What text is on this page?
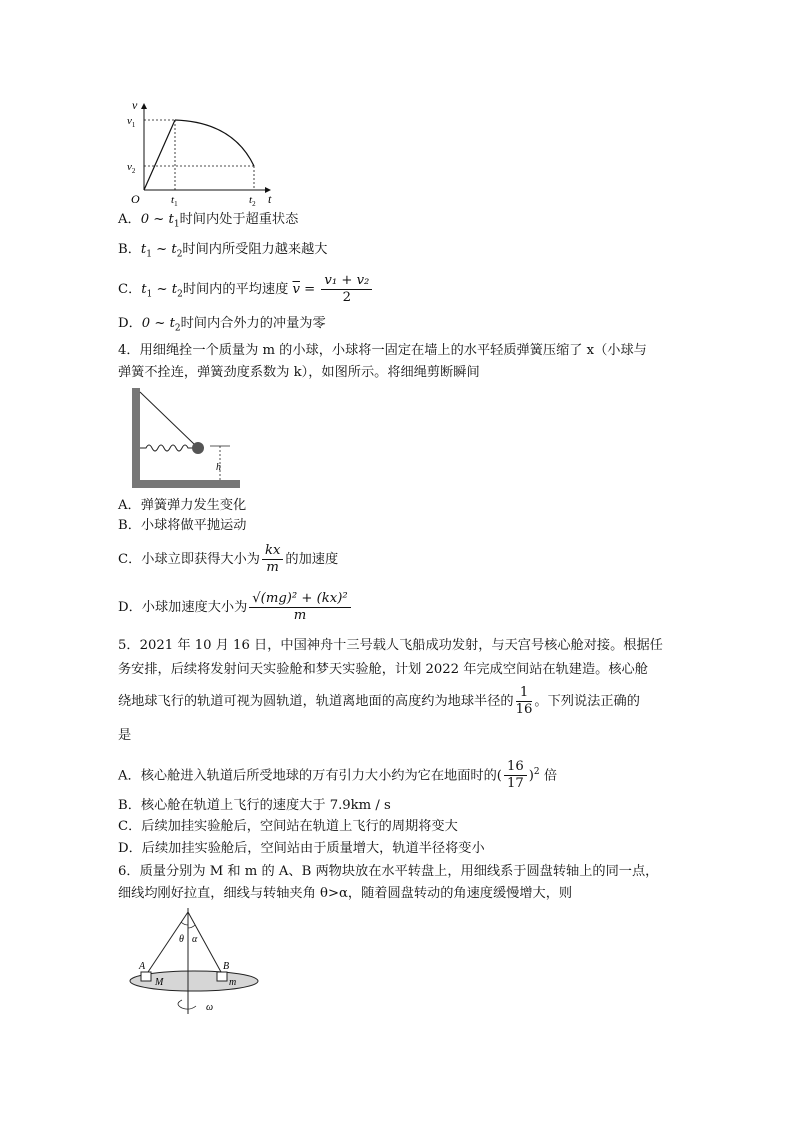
v
t
O
$v_1$
$v_2$
$t_1$	$t_2$
A．0 ~ $t_1$时间内处于超重状态
B．$t_1$ ~ $t_2$时间内所受阻力越来越大
C．$t_1$ ~ $t_2$时间内的平均速度 $\overline{v} = \frac{\text{v₁ + v₂}}{2}$
D．0 ~ $t_2$时间内合外力的冲量为零
4．用细绳拴一个质量为 m 的小球，小球将一固定在墙上的水平轻质弹簧压缩了 x（小球与
弹簧不拴连，弹簧劲度系数为 k），如图所示。将细绳剪断瞬间
h
A．弹簧弹力发生变化
B．小球将做平抛运动
C．小球立即获得大小为 $\frac{kx}{m}$ 的加速度
D．小球加速度大小为 $\frac{\text{√(mg)² + (kx)²}}{m}$
5．2021 年 10 月 16 日，中国神舟十三号载人飞船成功发射，与天宫号核心舱对接。根据任
务安排，后续将发射问天实验舱和梦天实验舱，计划 2022 年完成空间站在轨建造。核心舱
绕地球飞行的轨道可视为圆轨道，轨道离地面的高度约为地球半径的 $\frac{1}{16}$ 。下列说法正确的
是
A．核心舱进入轨道后所受地球的万有引力大小约为它在地面时的( $\frac{16}{17} )^2$ 倍
B．核心舱在轨道上飞行的速度大于 7.9km / s
C．后续加挂实验舱后，空间站在轨道上飞行的周期将变大
D．后续加挂实验舱后，空间站由于质量增大，轨道半径将变小
6．质量分别为 M 和 m 的 A、B 两物块放在水平转盘上，用细线系于圆盘转轴上的同一点，
细线均刚好拉直，细线与转轴夹角 θ>α，随着圆盘转动的角速度缓慢增大，则
θ α
A	B
M	m
ω
